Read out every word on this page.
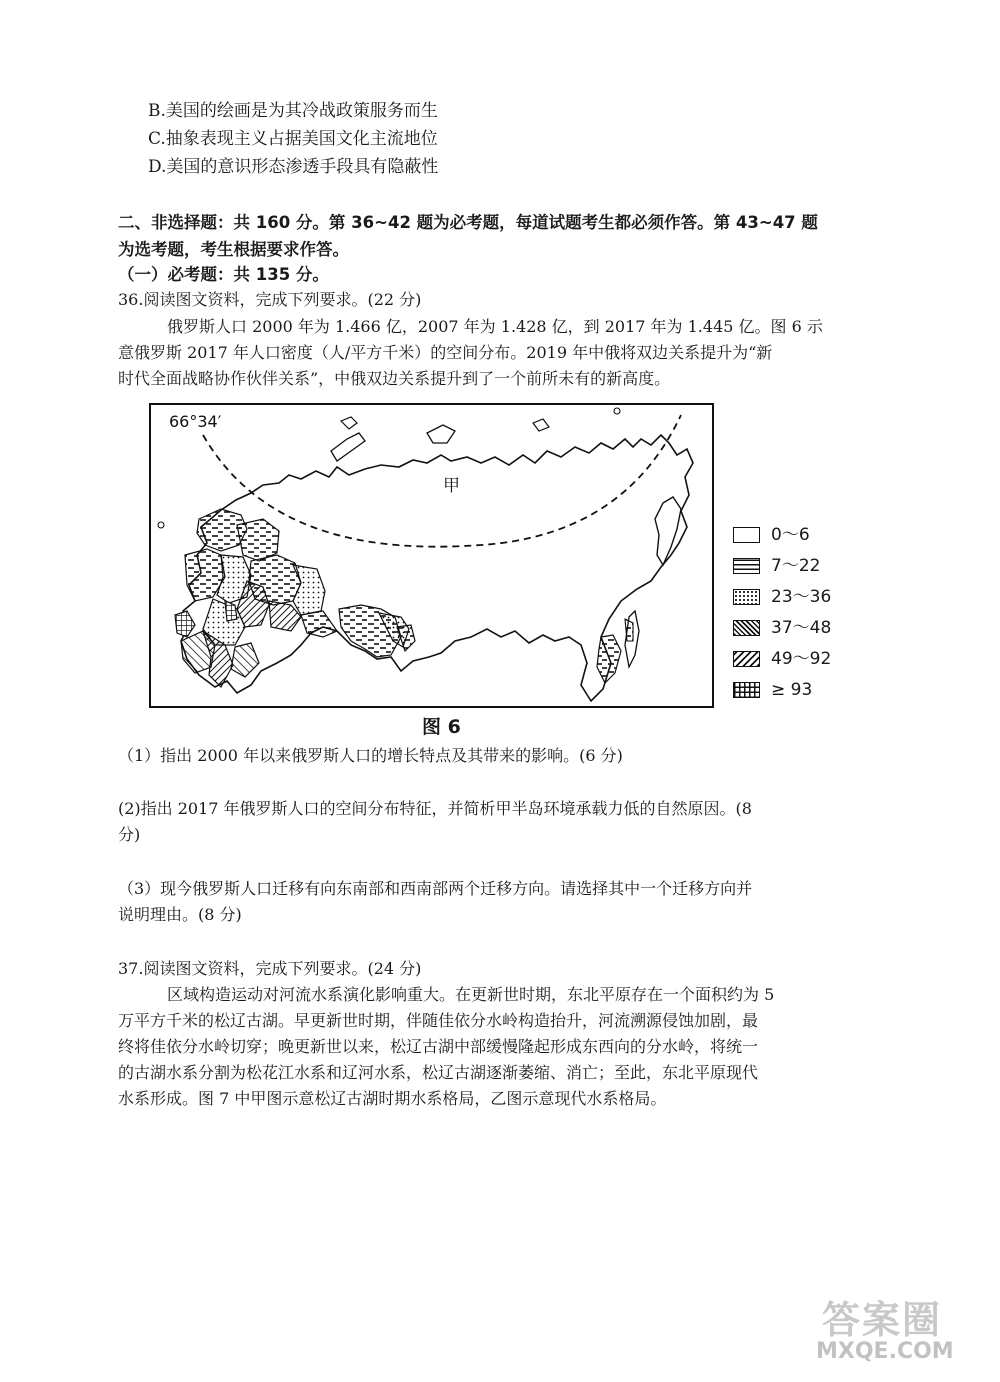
B.美国的绘画是为其冷战政策服务而生
C.抽象表现主义占据美国文化主流地位
D.美国的意识形态渗透手段具有隐蔽性
二、非选择题：共 160 分。第 36~42 题为必考题，每道试题考生都必须作答。第 43~47 题
为选考题，考生根据要求作答。
（一）必考题：共 135 分。
36.阅读图文资料，完成下列要求。(22 分)
俄罗斯人口 2000 年为 1.466 亿，2007 年为 1.428 亿，到 2017 年为 1.445 亿。图 6 示
意俄罗斯 2017 年人口密度（人/平方千米）的空间分布。2019 年中俄将双边关系提升为“新
时代全面战略协作伙伴关系”，中俄双边关系提升到了一个前所未有的新高度。
甲
66°34′
0～6
7～22
23～36
37～48
49～92
≥ 93
图 6
（1）指出 2000 年以来俄罗斯人口的增长特点及其带来的影响。(6 分)
(2)指出 2017 年俄罗斯人口的空间分布特征，并简析甲半岛环境承载力低的自然原因。(8
分)
（3）现今俄罗斯人口迁移有向东南部和西南部两个迁移方向。请选择其中一个迁移方向并
说明理由。(8 分)
37.阅读图文资料，完成下列要求。(24 分)
区域构造运动对河流水系演化影响重大。在更新世时期，东北平原存在一个面积约为 5
万平方千米的松辽古湖。早更新世时期，伴随佳依分水岭构造抬升，河流溯源侵蚀加剧，最
终将佳依分水岭切穿；晚更新世以来，松辽古湖中部缓慢隆起形成东西向的分水岭，将统一
的古湖水系分割为松花江水系和辽河水系，松辽古湖逐渐萎缩、消亡；至此，东北平原现代
水系形成。图 7 中甲图示意松辽古湖时期水系格局，乙图示意现代水系格局。
答案圈
MXQE.COM
